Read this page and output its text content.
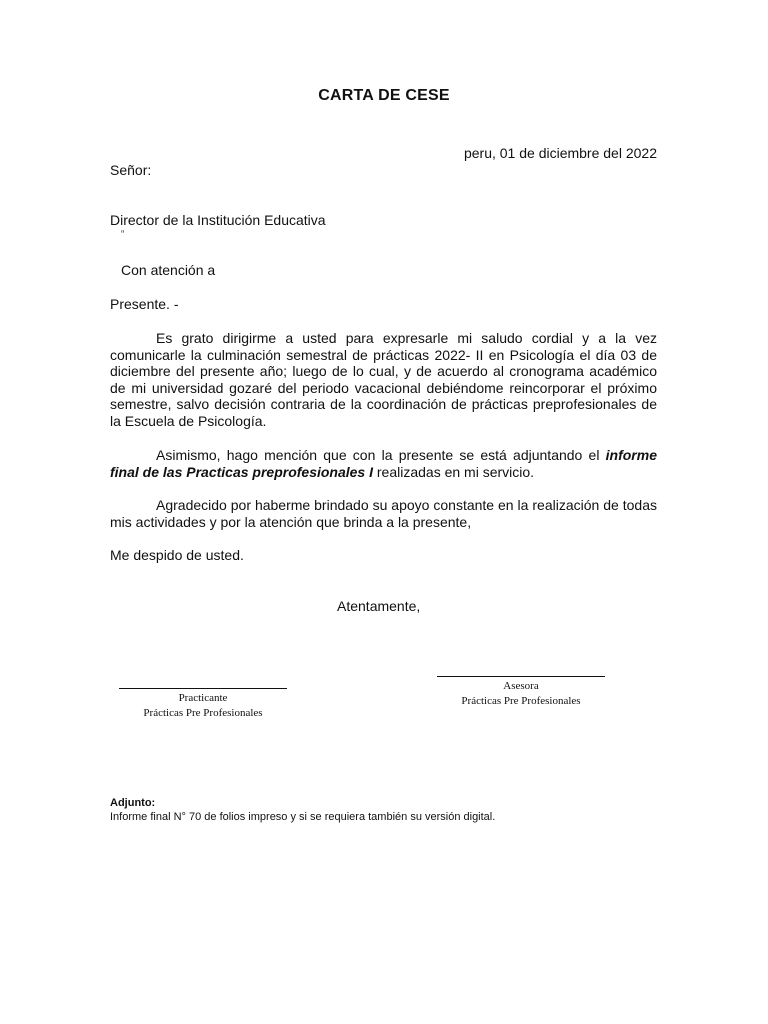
CARTA DE CESE
peru, 01 de diciembre del 2022
Señor:
Director de la Institución Educativa
“
Con atención a
Presente. -
Es grato dirigirme a usted para expresarle mi saludo cordial y a la vez comunicarle la culminación semestral de prácticas 2022- II en Psicología el día 03 de diciembre del presente año; luego de lo cual, y de acuerdo al cronograma académico de mi universidad gozaré del periodo vacacional debiéndome reincorporar el próximo semestre, salvo decisión contraria de la coordinación de prácticas preprofesionales de la Escuela de Psicología.
Asimismo, hago mención que con la presente se está adjuntando el informe final de las Practicas preprofesionales I realizadas en mi servicio.
Agradecido por haberme brindado su apoyo constante en la realización de todas mis actividades y por la atención que brinda a la presente,
Me despido de usted.
Atentamente,
Practicante
Prácticas Pre Profesionales
Asesora
Prácticas Pre Profesionales
Adjunto:
Informe final N° 70 de folios impreso y si se requiera también su versión digital.
